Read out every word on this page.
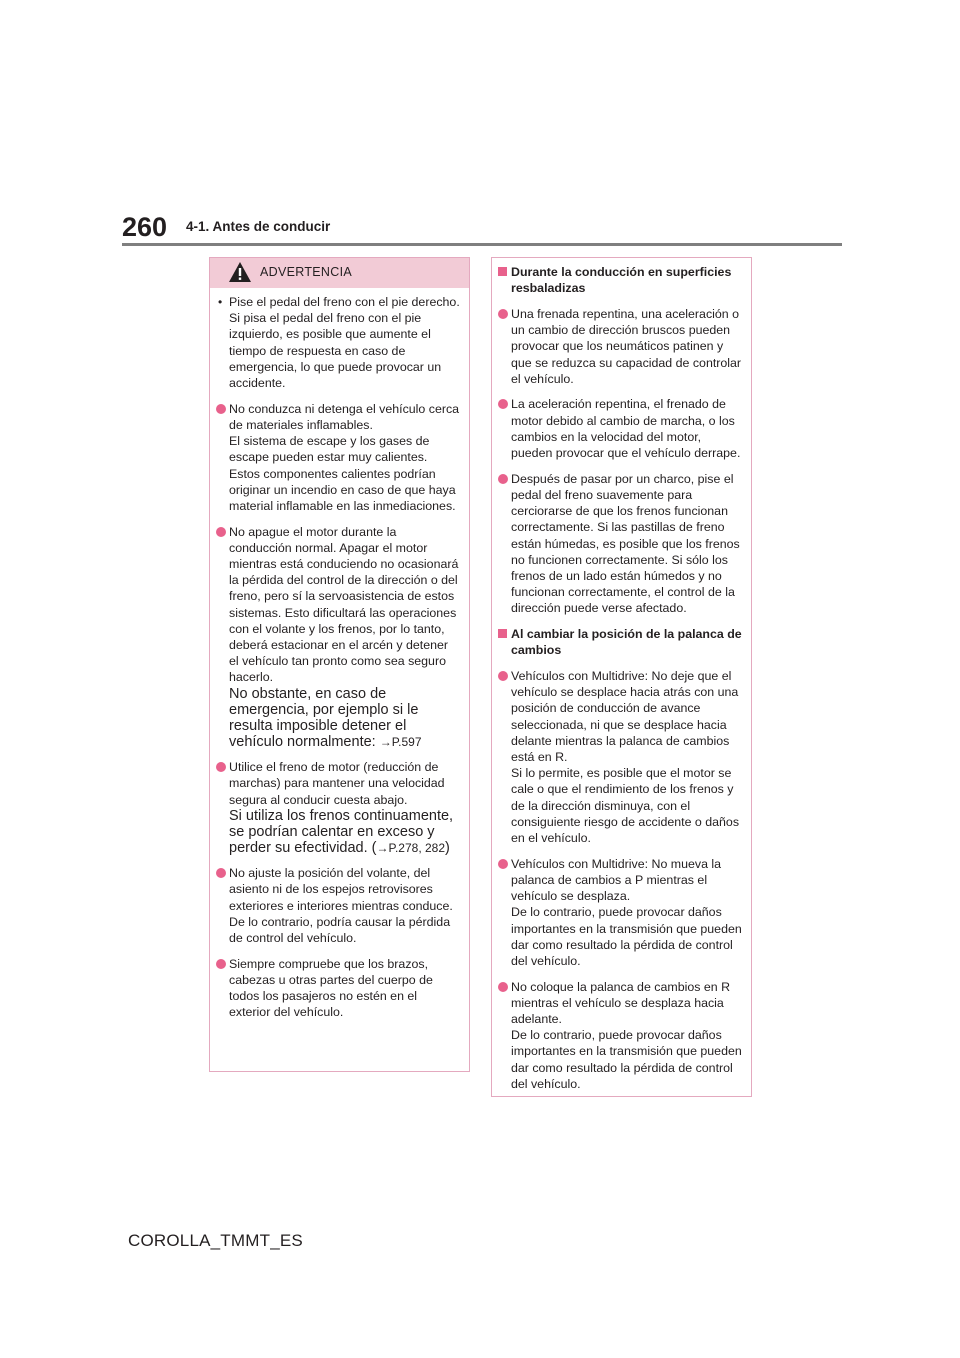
260 4-1. Antes de conducir
ADVERTENCIA
• Pise el pedal del freno con el pie derecho. Si pisa el pedal del freno con el pie izquierdo, es posible que aumente el tiempo de respuesta en caso de emergencia, lo que puede provocar un accidente.
No conduzca ni detenga el vehículo cerca de materiales inflamables.
El sistema de escape y los gases de escape pueden estar muy calientes. Estos componentes calientes podrían originar un incendio en caso de que haya material inflamable en las inmediaciones.
No apague el motor durante la conducción normal. Apagar el motor mientras está conduciendo no ocasionará la pérdida del control de la dirección o del freno, pero sí la servoasistencia de estos sistemas. Esto dificultará las operaciones con el volante y los frenos, por lo tanto, deberá estacionar en el arcén y detener el vehículo tan pronto como sea seguro hacerlo.
No obstante, en caso de emergencia, por ejemplo si le resulta imposible detener el vehículo normalmente: →P.597
Utilice el freno de motor (reducción de marchas) para mantener una velocidad segura al conducir cuesta abajo.
Si utiliza los frenos continuamente, se podrían calentar en exceso y perder su efectividad. (→P.278, 282)
No ajuste la posición del volante, del asiento ni de los espejos retrovisores exteriores e interiores mientras conduce.
De lo contrario, podría causar la pérdida de control del vehículo.
Siempre compruebe que los brazos, cabezas u otras partes del cuerpo de todos los pasajeros no estén en el exterior del vehículo.
Durante la conducción en superficies resbaladizas
Una frenada repentina, una aceleración o un cambio de dirección bruscos pueden provocar que los neumáticos patinen y que se reduzca su capacidad de controlar el vehículo.
La aceleración repentina, el frenado de motor debido al cambio de marcha, o los cambios en la velocidad del motor, pueden provocar que el vehículo derrape.
Después de pasar por un charco, pise el pedal del freno suavemente para cerciorarse de que los frenos funcionan correctamente. Si las pastillas de freno están húmedas, es posible que los frenos no funcionen correctamente. Si sólo los frenos de un lado están húmedos y no funcionan correctamente, el control de la dirección puede verse afectado.
Al cambiar la posición de la palanca de cambios
Vehículos con Multidrive: No deje que el vehículo se desplace hacia atrás con una posición de conducción de avance seleccionada, ni que se desplace hacia delante mientras la palanca de cambios está en R.
Si lo permite, es posible que el motor se cale o que el rendimiento de los frenos y de la dirección disminuya, con el consiguiente riesgo de accidente o daños en el vehículo.
Vehículos con Multidrive: No mueva la palanca de cambios a P mientras el vehículo se desplaza.
De lo contrario, puede provocar daños importantes en la transmisión que pueden dar como resultado la pérdida de control del vehículo.
No coloque la palanca de cambios en R mientras el vehículo se desplaza hacia adelante.
De lo contrario, puede provocar daños importantes en la transmisión que pueden dar como resultado la pérdida de control del vehículo.
COROLLA_TMMT_ES
